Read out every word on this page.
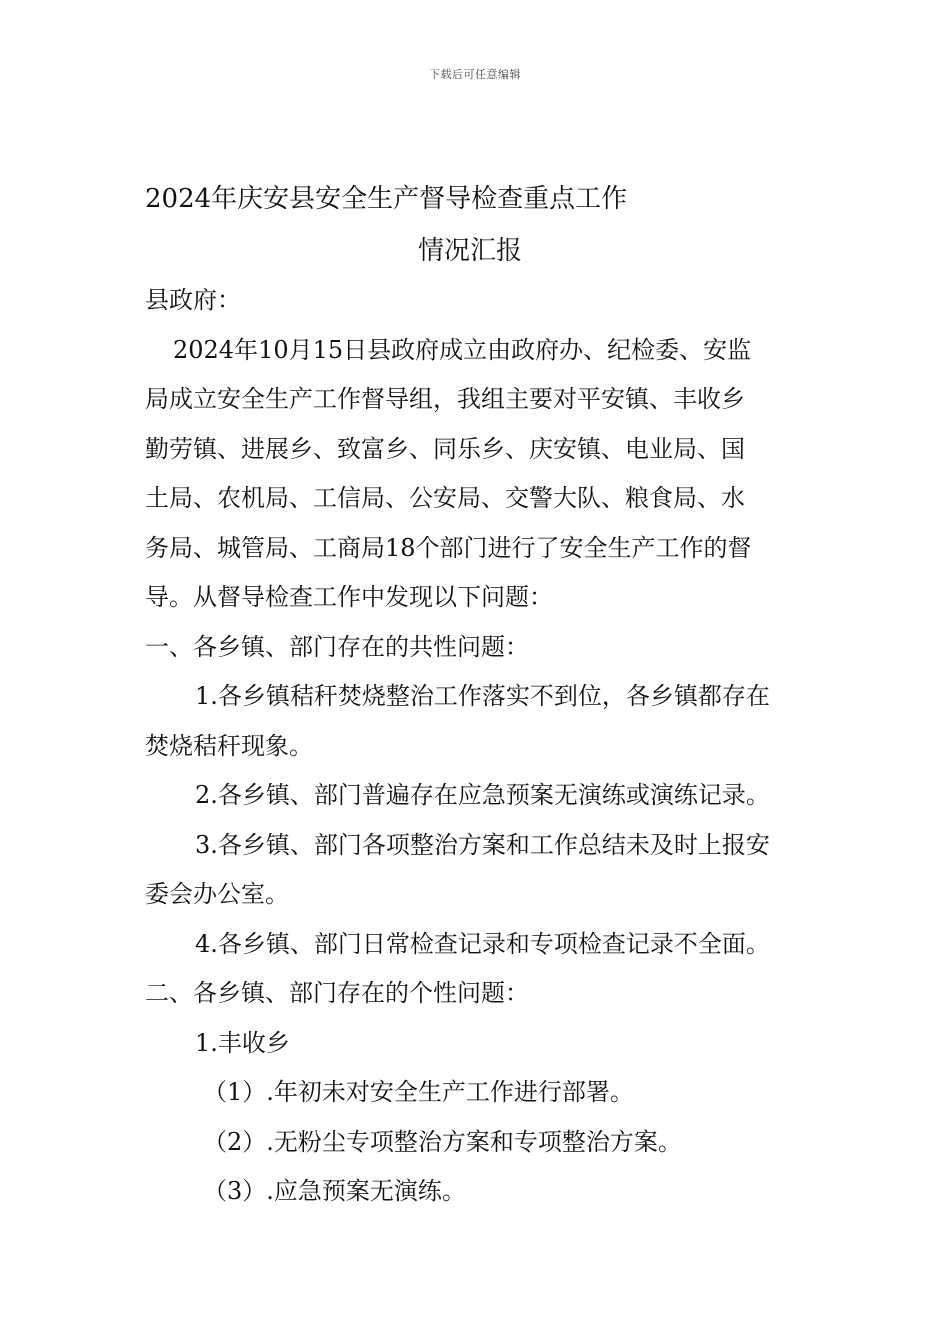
下载后可任意编辑
2024年庆安县安全生产督导检查重点工作
情况汇报
县政府：
2024年10月15日县政府成立由政府办、纪检委、安监
局成立安全生产工作督导组，我组主要对平安镇、丰收乡
勤劳镇、进展乡、致富乡、同乐乡、庆安镇、电业局、国
土局、农机局、工信局、公安局、交警大队、粮食局、水
务局、城管局、工商局18个部门进行了安全生产工作的督
导。从督导检查工作中发现以下问题：
一、各乡镇、部门存在的共性问题：
1.各乡镇秸秆焚烧整治工作落实不到位，各乡镇都存在
焚烧秸秆现象。
2.各乡镇、部门普遍存在应急预案无演练或演练记录。
3.各乡镇、部门各项整治方案和工作总结未及时上报安
委会办公室。
4.各乡镇、部门日常检查记录和专项检查记录不全面。
二、各乡镇、部门存在的个性问题：
1.丰收乡
（1）.年初未对安全生产工作进行部署。
（2）.无粉尘专项整治方案和专项整治方案。
（3）.应急预案无演练。
